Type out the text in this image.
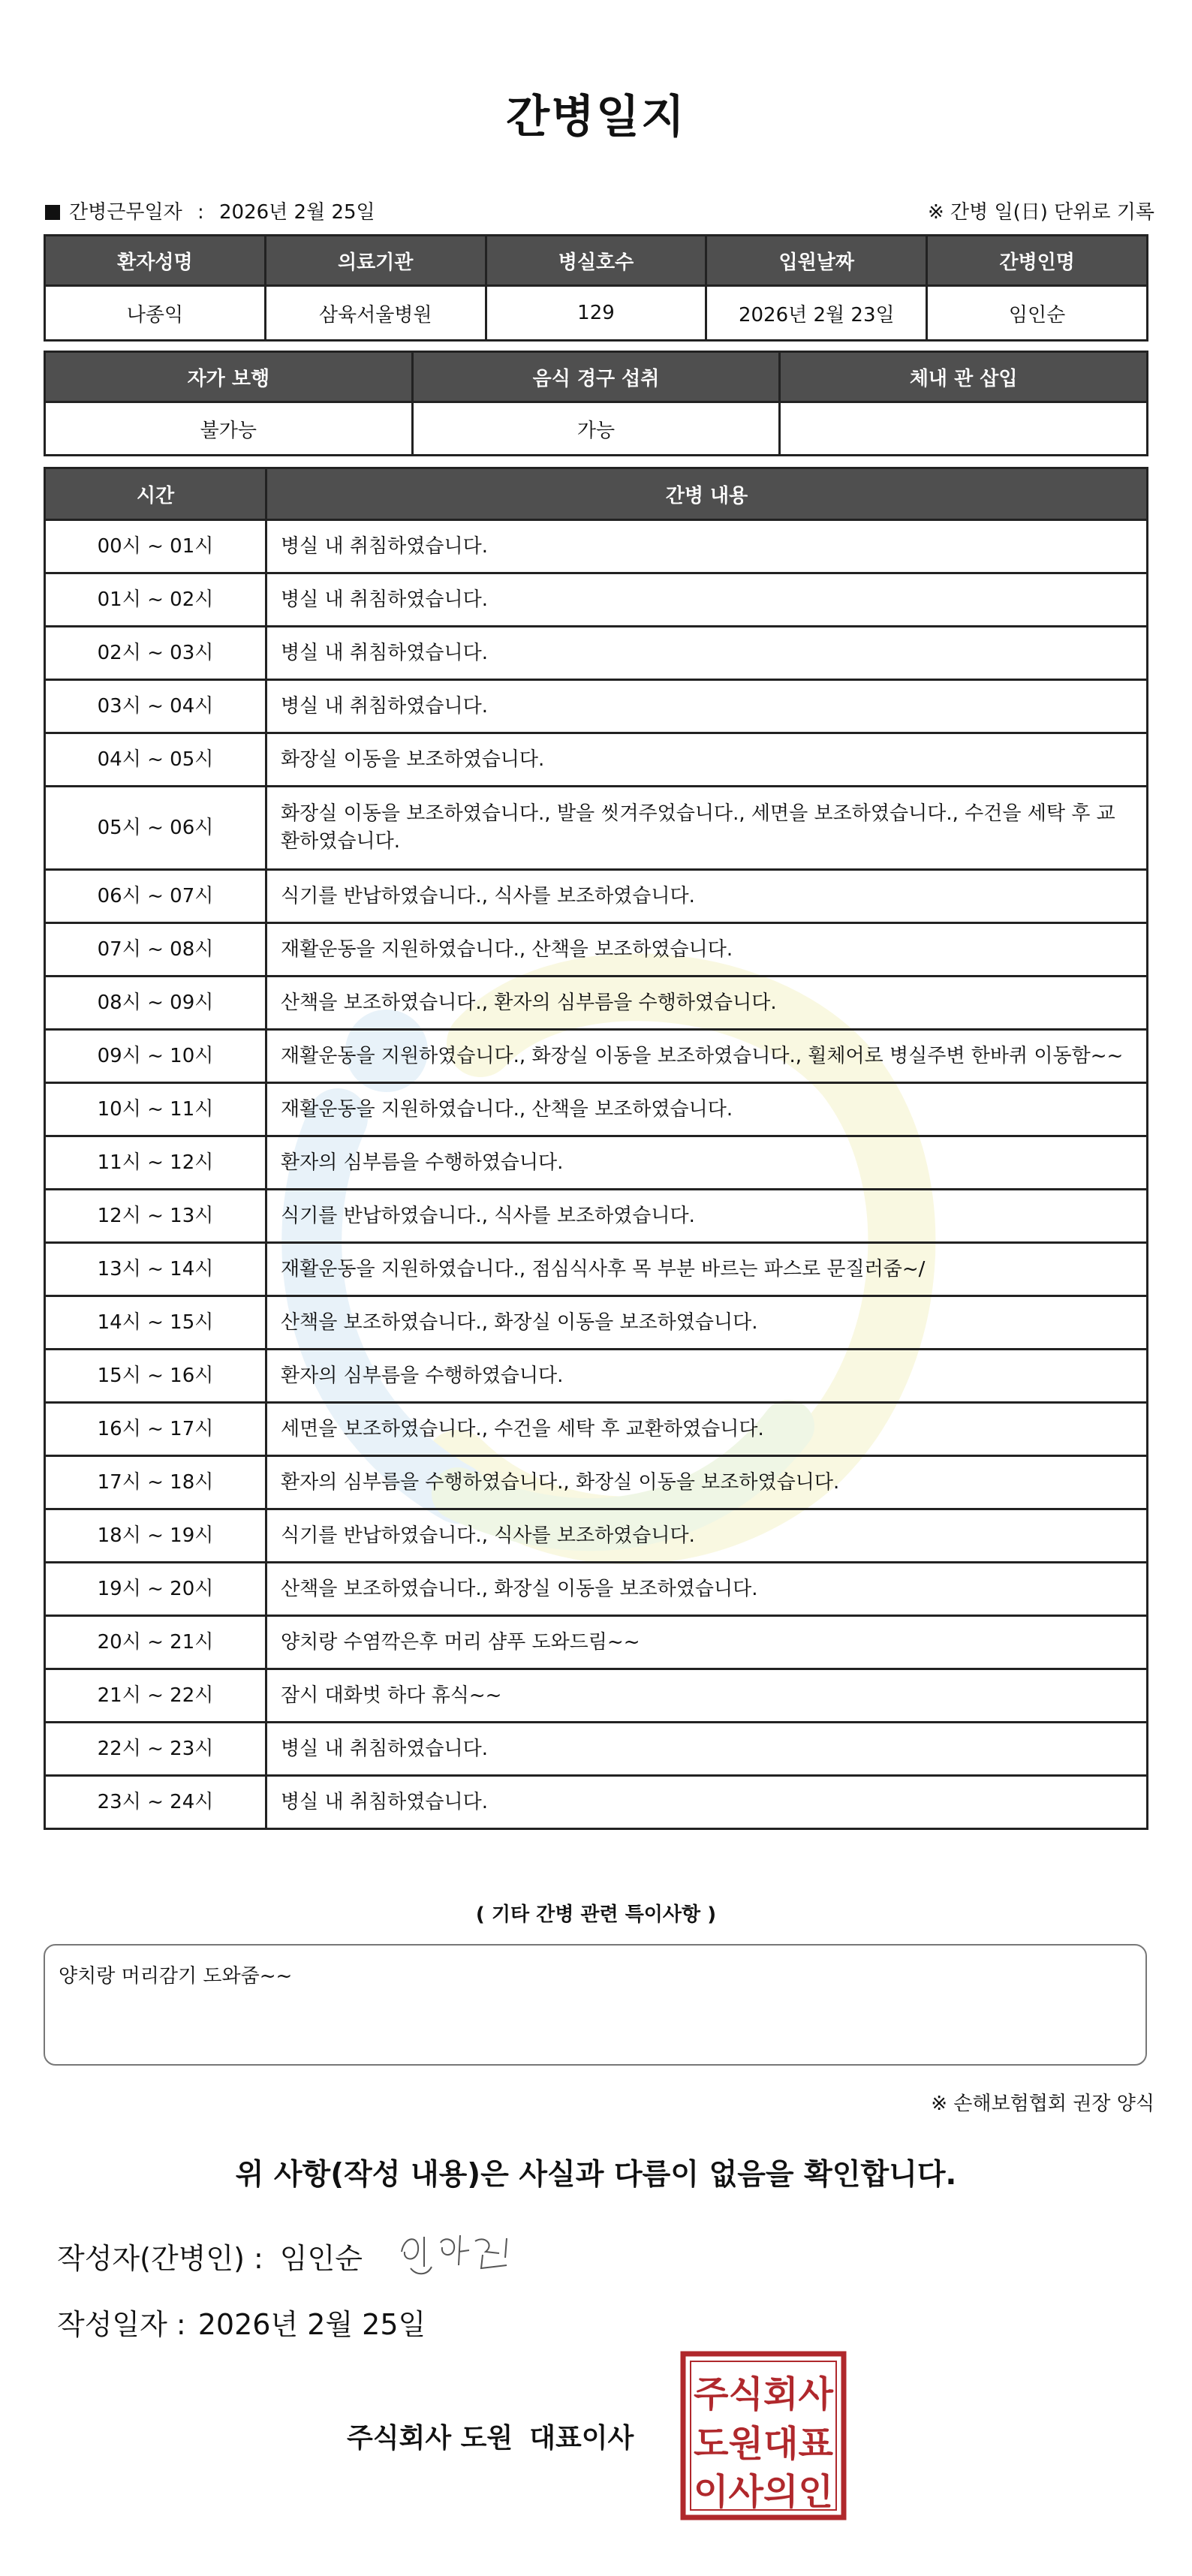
간병일지
간병근무일자 : 2026년 2월 25일	※ 간병 일(日) 단위로 기록
환자성명	의료기관	병실호수	입원날짜	간병인명
나종익	삼육서울병원	129	2026년 2월 23일	임인순
자가 보행	음식 경구 섭취	체내 관 삽입
불가능	가능	
시간	간병 내용
00시 ~ 01시	병실 내 취침하였습니다.
01시 ~ 02시	병실 내 취침하였습니다.
02시 ~ 03시	병실 내 취침하였습니다.
03시 ~ 04시	병실 내 취침하였습니다.
04시 ~ 05시	화장실 이동을 보조하였습니다.
05시 ~ 06시	화장실 이동을 보조하였습니다., 발을 씻겨주었습니다., 세면을 보조하였습니다., 수건을 세탁 후 교환하였습니다.
06시 ~ 07시	식기를 반납하였습니다., 식사를 보조하였습니다.
07시 ~ 08시	재활운동을 지원하였습니다., 산책을 보조하였습니다.
08시 ~ 09시	산책을 보조하였습니다., 환자의 심부름을 수행하였습니다.
09시 ~ 10시	재활운동을 지원하였습니다., 화장실 이동을 보조하였습니다., 휠체어로 병실주변 한바퀴 이동함~~
10시 ~ 11시	재활운동을 지원하였습니다., 산책을 보조하였습니다.
11시 ~ 12시	환자의 심부름을 수행하였습니다.
12시 ~ 13시	식기를 반납하였습니다., 식사를 보조하였습니다.
13시 ~ 14시	재활운동을 지원하였습니다., 점심식사후 목 부분 바르는 파스로 문질러줌~/
14시 ~ 15시	산책을 보조하였습니다., 화장실 이동을 보조하였습니다.
15시 ~ 16시	환자의 심부름을 수행하였습니다.
16시 ~ 17시	세면을 보조하였습니다., 수건을 세탁 후 교환하였습니다.
17시 ~ 18시	환자의 심부름을 수행하였습니다., 화장실 이동을 보조하였습니다.
18시 ~ 19시	식기를 반납하였습니다., 식사를 보조하였습니다.
19시 ~ 20시	산책을 보조하였습니다., 화장실 이동을 보조하였습니다.
20시 ~ 21시	양치랑 수염깍은후 머리 샴푸 도와드림~~
21시 ~ 22시	잠시 대화벗 하다 휴식~~
22시 ~ 23시	병실 내 취침하였습니다.
23시 ~ 24시	병실 내 취침하였습니다.
( 기타 간병 관련 특이사항 )
양치랑 머리감기 도와줌~~
※ 손해보험협회 권장 양식
위 사항(작성 내용)은 사실과 다름이 없음을 확인합니다.
작성자(간병인) : 임인순
작성일자 : 2026년 2월 25일
주식회사 도원 대표이사
주식회사
도원대표
이사의인
